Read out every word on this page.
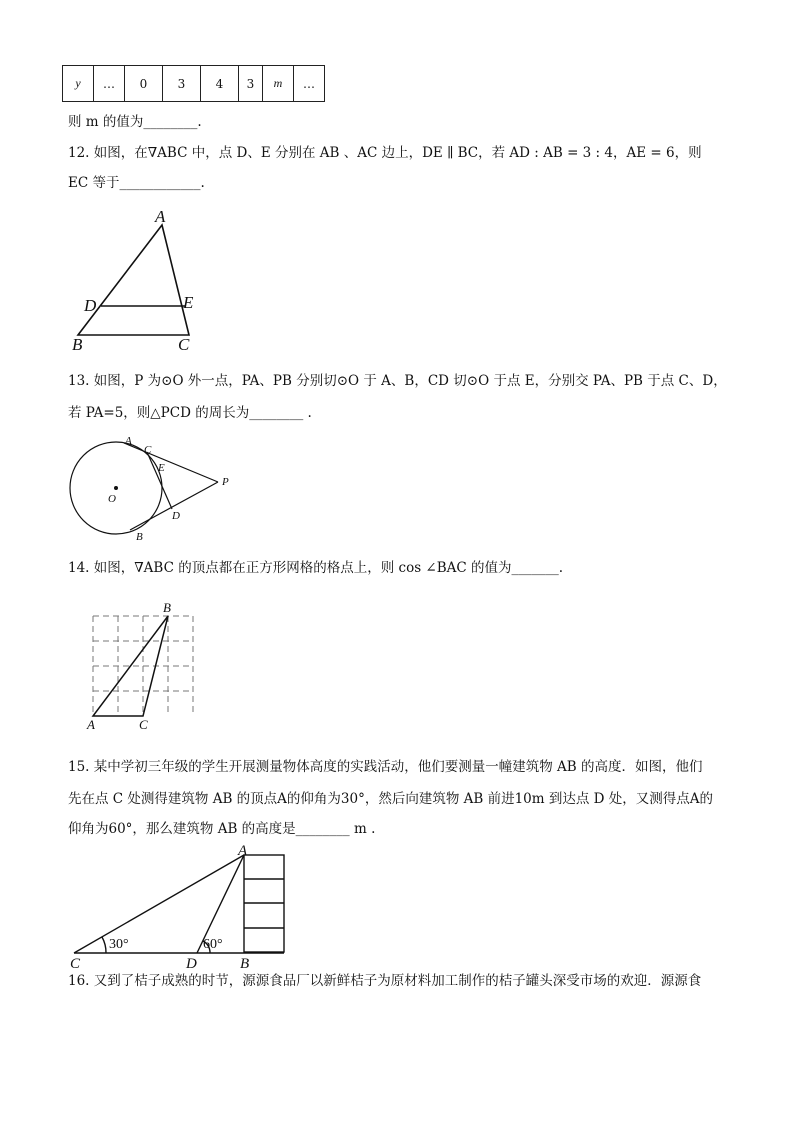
y	…	0	3	4	3	m	…
则 m 的值为________.
12. 如图，在∇ABC 中，点 D、E 分别在 AB 、AC 边上，DE ∥ BC，若 AD : AB = 3 : 4，AE = 6，则
EC 等于____________.
A
D	E
B	C
13. 如图，P 为⊙O 外一点，PA、PB 分别切⊙O 于 A、B，CD 切⊙O 于点 E，分别交 PA、PB 于点 C、D，
若 PA=5，则△PCD 的周长为________ .
A
C
E
O
P
D
B
14. 如图，∇ABC 的顶点都在正方形网格的格点上，则 cos ∠BAC 的值为_______.
B
A	C
15. 某中学初三年级的学生开展测量物体高度的实践活动，他们要测量一幢建筑物 AB 的高度．如图，他们
先在点 C 处测得建筑物 AB 的顶点A的仰角为30°，然后向建筑物 AB 前进10m 到达点 D 处，又测得点A的
仰角为60°，那么建筑物 AB 的高度是________ m .
30°	60°
A
C	D	B
16. 又到了桔子成熟的时节，源源食品厂以新鲜桔子为原材料加工制作的桔子罐头深受市场的欢迎．源源食
